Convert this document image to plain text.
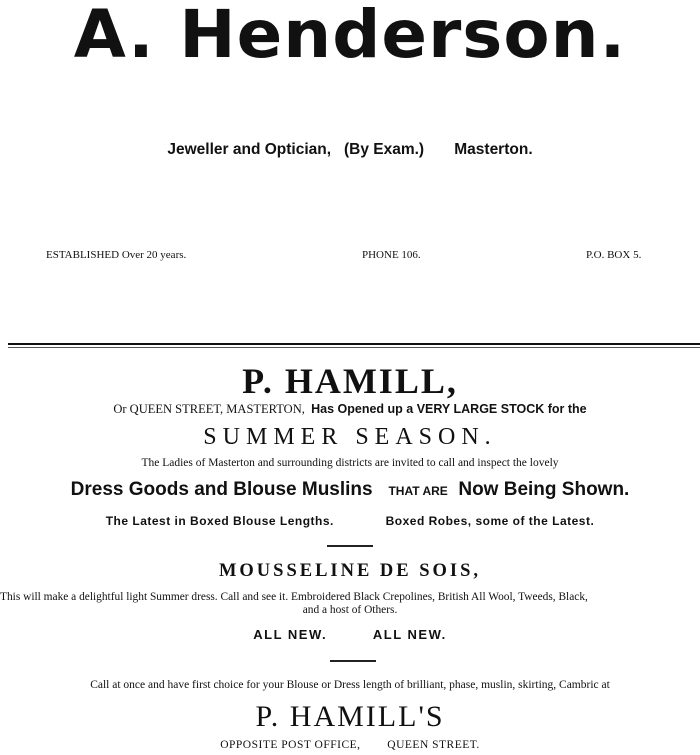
A. Henderson.
Jeweller and Optician, (By Exam.) Masterton.
ESTABLISHED Over 20 years.	PHONE 106.	P.O. BOX 5.
P. HAMILL,
Or QUEEN STREET, MASTERTON, Has Opened up a VERY LARGE STOCK for the
SUMMER SEASON.
The Ladies of Masterton and surrounding districts are invited to call and inspect the lovely
Dress Goods and Blouse Muslins THAT ARE Now Being Shown.
The Latest in Boxed Blouse Lengths.	Boxed Robes, some of the Latest.
MOUSSELINE DE SOIS,
This will make a delightful light Summer dress. Call and see it. Embroidered Black Crepolines, British All Wool, Tweeds, Black,
and a host of Others.
ALL NEW.	ALL NEW.
Call at once and have first choice for your Blouse or Dress length of brilliant, phase, muslin, skirting, Cambric at
P. HAMILL'S
OPPOSITE POST OFFICE, QUEEN STREET.
